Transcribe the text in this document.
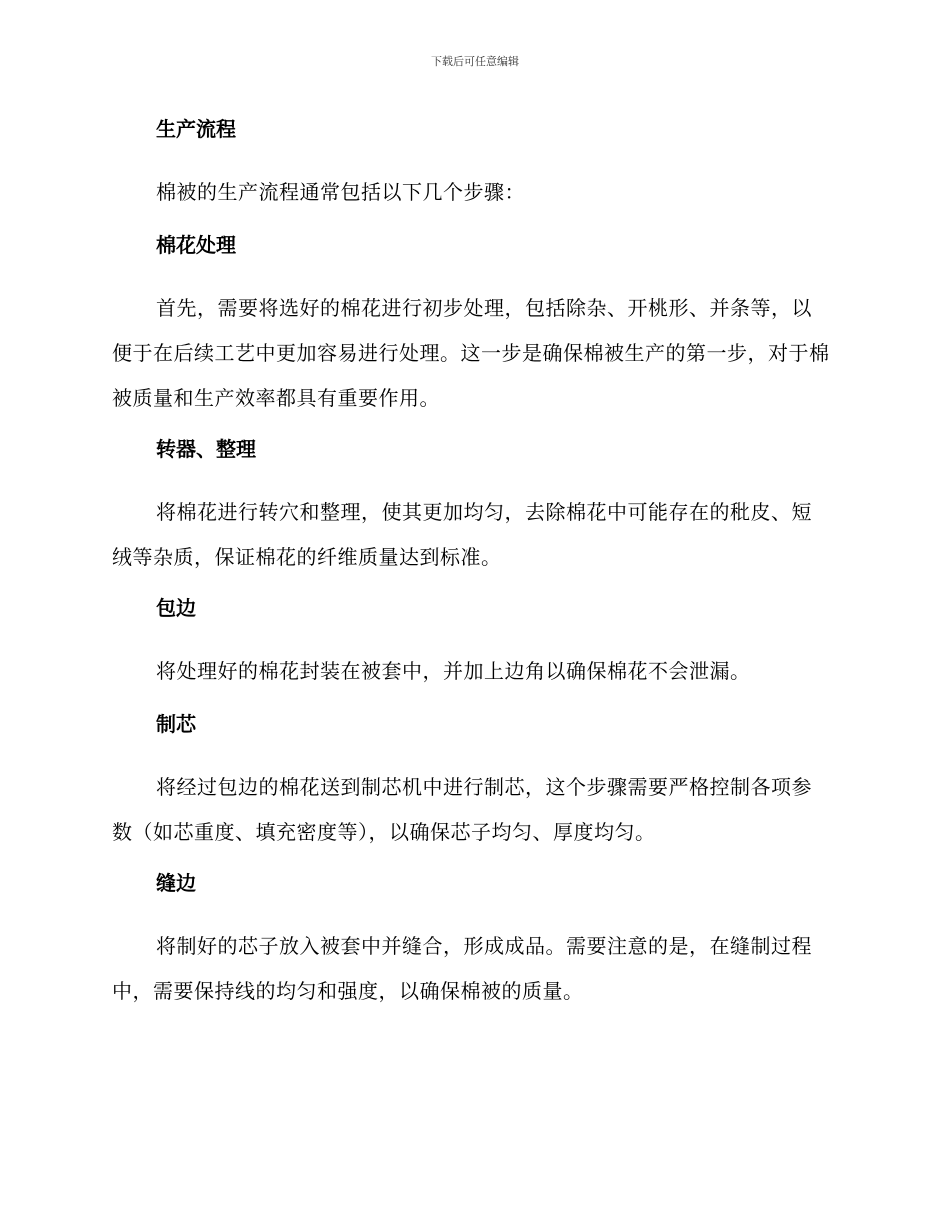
下载后可任意编辑
生产流程

棉被的生产流程通常包括以下几个步骤：

棉花处理

首先，需要将选好的棉花进行初步处理，包括除杂、开桃形、并条等，以便于在后续工艺中更加容易进行处理。这一步是确保棉被生产的第一步，对于棉被质量和生产效率都具有重要作用。

转器、整理

将棉花进行转穴和整理，使其更加均匀，去除棉花中可能存在的秕皮、短绒等杂质，保证棉花的纤维质量达到标准。

包边

将处理好的棉花封装在被套中，并加上边角以确保棉花不会泄漏。

制芯

将经过包边的棉花送到制芯机中进行制芯，这个步骤需要严格控制各项参数（如芯重度、填充密度等），以确保芯子均匀、厚度均匀。

缝边

将制好的芯子放入被套中并缝合，形成成品。需要注意的是，在缝制过程中，需要保持线的均匀和强度，以确保棉被的质量。
